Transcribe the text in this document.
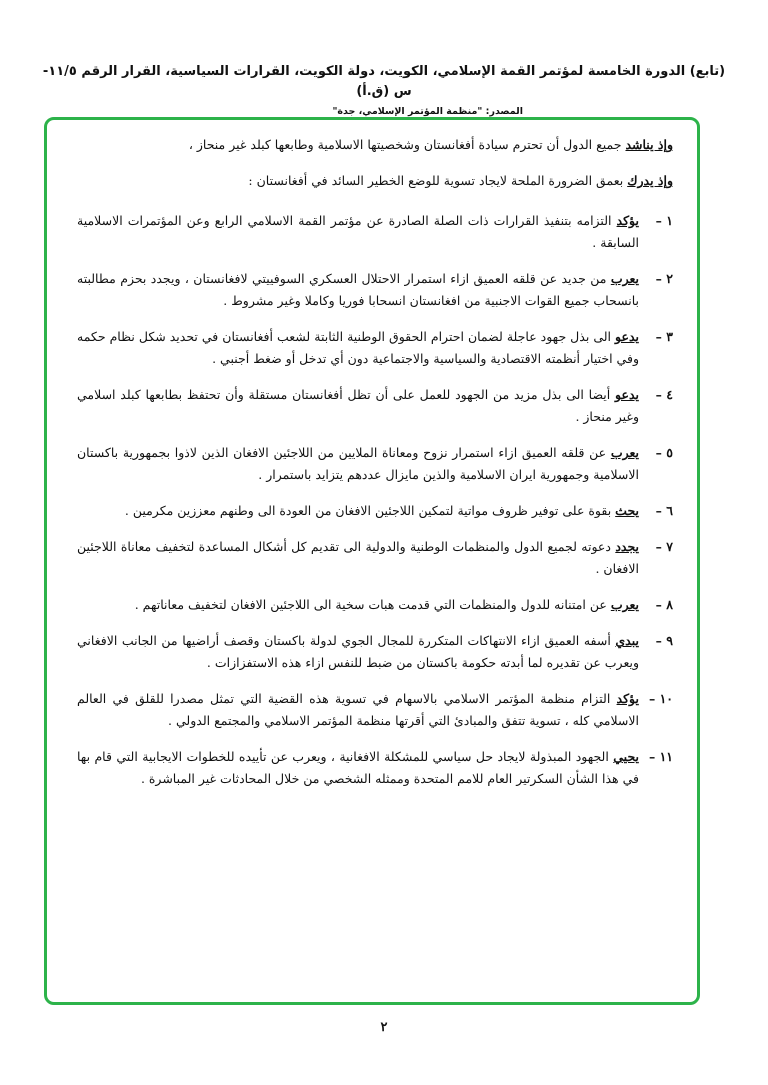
(تابع) الدورة الخامسة لمؤتمر القمة الإسلامي، الكويت، دولة الكويت، القرارات السياسية، القرار الرقم ١١/٥-س (ق.أ)
المصدر: "منظمة المؤتمر الإسلامي، جدة"

وإذ يناشد جميع الدول أن تحترم سيادة أفغانستان وشخصيتها الاسلامية وطابعها كبلد غير منحاز ،

وإذ يدرك بعمق الضرورة الملحة لايجاد تسوية للوضع الخطير السائد في أفغانستان :

١ –
يؤكد التزامه بتنفيذ القرارات ذات الصلة الصادرة عن مؤتمر القمة الاسلامي الرابع وعن المؤتمرات الاسلامية السابقة .
٢ –
يعرب من جديد عن قلقه العميق ازاء استمرار الاحتلال العسكري السوفييتي لافغانستان ، ويجدد بحزم مطالبته بانسحاب جميع القوات الاجنبية من افغانستان انسحابا فوريا وكاملا وغير مشروط .
٣ –
يدعو الى بذل جهود عاجلة لضمان احترام الحقوق الوطنية الثابتة لشعب أفغانستان في تحديد شكل نظام حكمه وفي اختيار أنظمته الاقتصادية والسياسية والاجتماعية دون أي تدخل أو ضغط أجنبي .
٤ –
يدعو أيضا الى بذل مزيد من الجهود للعمل على أن تظل أفغانستان مستقلة وأن تحتفظ بطابعها كبلد اسلامي وغير منحاز .
٥ –
يعرب عن قلقه العميق ازاء استمرار نزوح ومعاناة الملايين من اللاجئين الافغان الذين لاذوا بجمهورية باكستان الاسلامية وجمهورية ايران الاسلامية والذين مايزال عددهم يتزايد باستمرار .
٦ –
يحث بقوة على توفير ظروف مواتية لتمكين اللاجئين الافغان من العودة الى وطنهم معززين مكرمين .
٧ –
يجدد دعوته لجميع الدول والمنظمات الوطنية والدولية الى تقديم كل أشكال المساعدة لتخفيف معاناة اللاجئين الافغان .
٨ –
يعرب عن امتنانه للدول والمنظمات التي قدمت هبات سخية الى اللاجئين الافغان لتخفيف معاناتهم .
٩ –
يبدي أسفه العميق ازاء الانتهاكات المتكررة للمجال الجوي لدولة باكستان وقصف أراضيها من الجانب الافغاني ويعرب عن تقديره لما أبدته حكومة باكستان من ضبط للنفس ازاء هذه الاستفزازات .
١٠ –
يؤكد التزام منظمة المؤتمر الاسلامي بالاسهام في تسوية هذه القضية التي تمثل مصدرا للقلق في العالم الاسلامي كله ، تسوية تتفق والمبادئ التي أقرتها منظمة المؤتمر الاسلامي والمجتمع الدولي .
١١ –
يحيي الجهود المبذولة لايجاد حل سياسي للمشكلة الافغانية ، ويعرب عن تأييده للخطوات الايجابية التي قام بها في هذا الشأن السكرتير العام للامم المتحدة وممثله الشخصي من خلال المحادثات غير المباشرة .
٢
